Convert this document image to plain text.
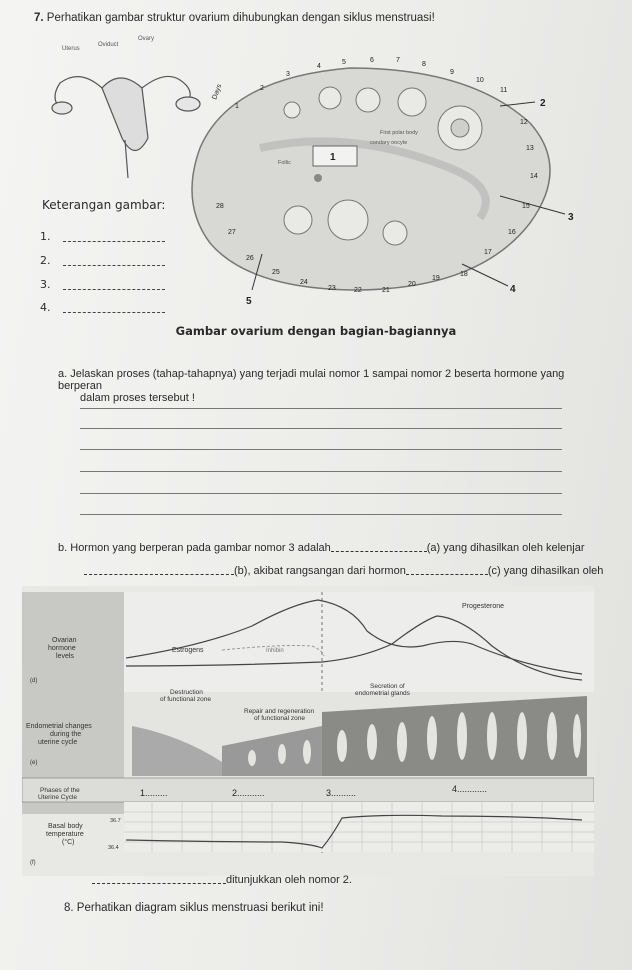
7. Perhatikan gambar struktur ovarium dihubungkan dengan siklus menstruasi!
Uterus
Oviduct
Ovary
Follic
First polar body
condary oocyte
Days
1
2
3
4
5	6	7
8
9
10
11
12
13
14
15
16
17
18
19
20
21
22
23
24
25
26
27
28
1
2
3
4
5
Keterangan gambar:
1.
2.
3.
4.
Gambar ovarium dengan bagian-bagiannya
a. Jelaskan proses (tahap-tahapnya) yang terjadi mulai nomor 1 sampai nomor 2 beserta hormone yang berperan
dalam proses tersebut !
b. Hormon yang berperan pada gambar nomor 3 adalah	(a) yang dihasilkan oleh kelenjar
(b), akibat rangsangan dari hormon	(c) yang dihasilkan oleh
Progesterone
Estrogens	Inhibin
Ovarian
hormone
levels
(d)
Destruction
of functional zone
Repair and regeneration
of functional zone
Secretion of
endometrial glands
Endometrial changes
during the
uterine cycle
(e)
Phases of the
Uterine Cycle	1.........	2...........	3..........	4............
36.7
36.4
Basal body
temperature
(°C)
(f)
ditunjukkan oleh nomor 2.
8. Perhatikan diagram siklus menstruasi berikut ini!
